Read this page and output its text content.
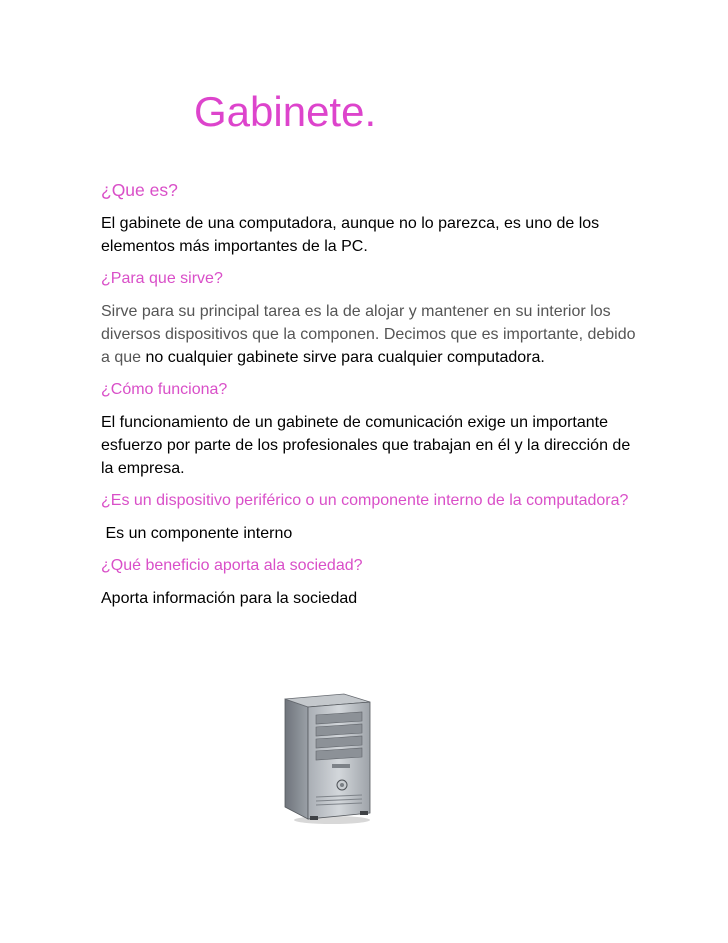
Gabinete.

¿Que es?

El gabinete de una computadora, aunque no lo parezca, es uno de los elementos más importantes de la PC.

¿Para que sirve?

Sirve para su principal tarea es la de alojar y mantener en su interior los diversos dispositivos que la componen. Decimos que es importante, debido a que no cualquier gabinete sirve para cualquier computadora.

¿Cómo funciona?

El funcionamiento de un gabinete de comunicación exige un importante esfuerzo por parte de los profesionales que trabajan en él y la dirección de la empresa.

¿Es un dispositivo periférico o un componente interno de la computadora?

Es un componente interno

¿Qué beneficio aporta ala sociedad?

Aporta información para la sociedad
